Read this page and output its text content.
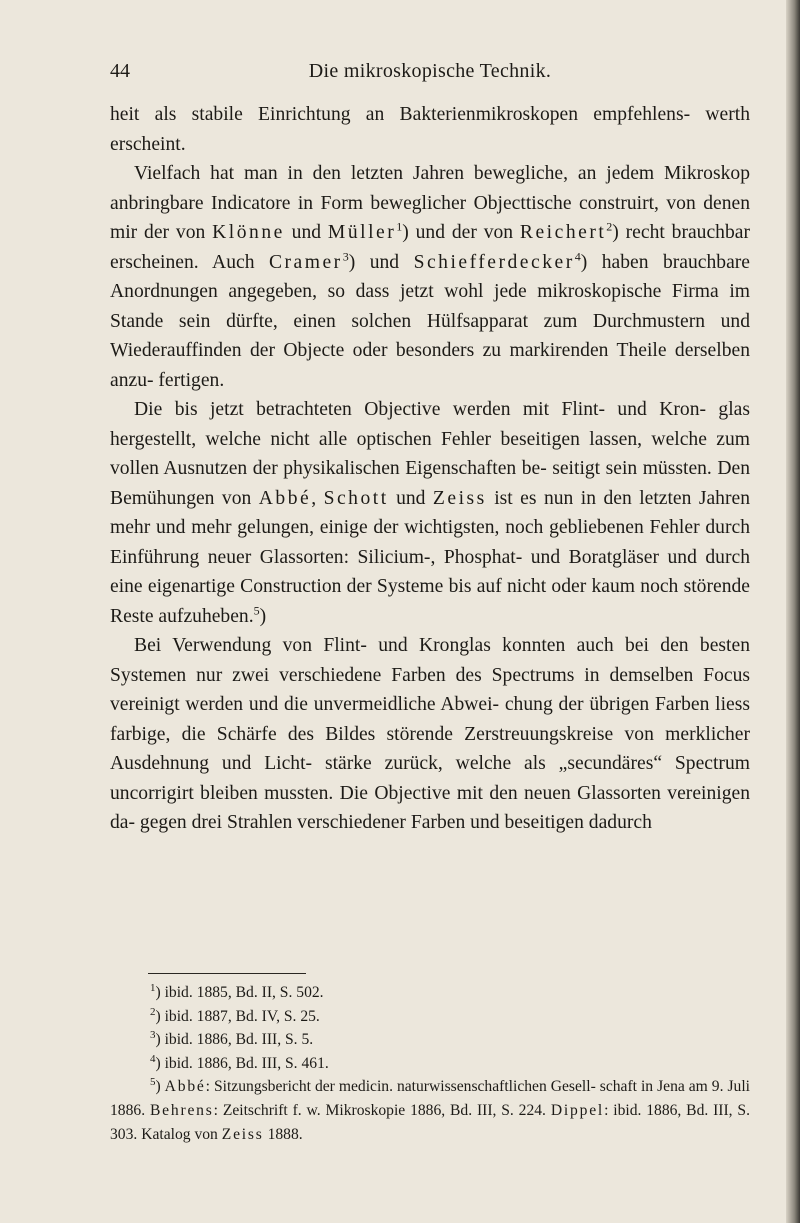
44	Die mikroskopische Technik.

heit als stabile Einrichtung an Bakterienmikroskopen empfehlens- werth erscheint.

Vielfach hat man in den letzten Jahren bewegliche, an jedem Mikroskop anbringbare Indicatore in Form beweglicher Objecttische construirt, von denen mir der von Klönne und Müller$^1$) und der von Reichert$^2$) recht brauchbar erscheinen. Auch Cramer$^3$) und Schiefferdecker$^4$) haben brauchbare Anordnungen angegeben, so dass jetzt wohl jede mikroskopische Firma im Stande sein dürfte, einen solchen Hülfsapparat zum Durchmustern und Wiederauffinden der Objecte oder besonders zu markirenden Theile derselben anzu- fertigen.

Die bis jetzt betrachteten Objective werden mit Flint- und Kron- glas hergestellt, welche nicht alle optischen Fehler beseitigen lassen, welche zum vollen Ausnutzen der physikalischen Eigenschaften be- seitigt sein müssten. Den Bemühungen von Abbé, Schott und Zeiss ist es nun in den letzten Jahren mehr und mehr gelungen, einige der wichtigsten, noch gebliebenen Fehler durch Einführung neuer Glassorten: Silicium-, Phosphat- und Boratgläser und durch eine eigenartige Construction der Systeme bis auf nicht oder kaum noch störende Reste aufzuheben.$^5$)

Bei Verwendung von Flint- und Kronglas konnten auch bei den besten Systemen nur zwei verschiedene Farben des Spectrums in demselben Focus vereinigt werden und die unvermeidliche Abwei- chung der übrigen Farben liess farbige, die Schärfe des Bildes störende Zerstreuungskreise von merklicher Ausdehnung und Licht- stärke zurück, welche als „secundäres“ Spectrum uncorrigirt bleiben mussten. Die Objective mit den neuen Glassorten vereinigen da- gegen drei Strahlen verschiedener Farben und beseitigen dadurch

$^1$) ibid. 1885, Bd. II, S. 502.

$^2$) ibid. 1887, Bd. IV, S. 25.

$^3$) ibid. 1886, Bd. III, S. 5.

$^4$) ibid. 1886, Bd. III, S. 461.

$^5$) Abbé: Sitzungsbericht der medicin. naturwissenschaftlichen Gesell- schaft in Jena am 9. Juli 1886. Behrens: Zeitschrift f. w. Mikroskopie 1886, Bd. III, S. 224. Dippel: ibid. 1886, Bd. III, S. 303. Katalog von Zeiss 1888.
